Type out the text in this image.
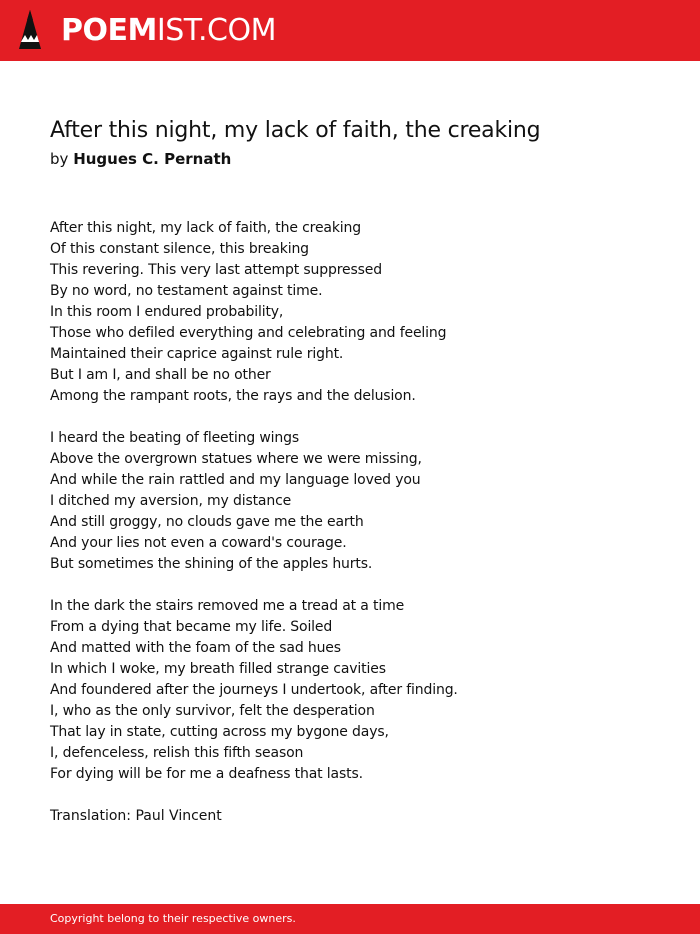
POEMIST.COM
After this night, my lack of faith, the creaking
by Hugues C. Pernath
After this night, my lack of faith, the creaking
Of this constant silence, this breaking
This revering. This very last attempt suppressed
By no word, no testament against time.
In this room I endured probability,
Those who defiled everything and celebrating and feeling
Maintained their caprice against rule right.
But I am I, and shall be no other
Among the rampant roots, the rays and the delusion.
I heard the beating of fleeting wings
Above the overgrown statues where we were missing,
And while the rain rattled and my language loved you
I ditched my aversion, my distance
And still groggy, no clouds gave me the earth
And your lies not even a coward's courage.
But sometimes the shining of the apples hurts.
In the dark the stairs removed me a tread at a time
From a dying that became my life. Soiled
And matted with the foam of the sad hues
In which I woke, my breath filled strange cavities
And foundered after the journeys I undertook, after finding.
I, who as the only survivor, felt the desperation
That lay in state, cutting across my bygone days,
I, defenceless, relish this fifth season
For dying will be for me a deafness that lasts.
Translation: Paul Vincent
Copyright belong to their respective owners.
